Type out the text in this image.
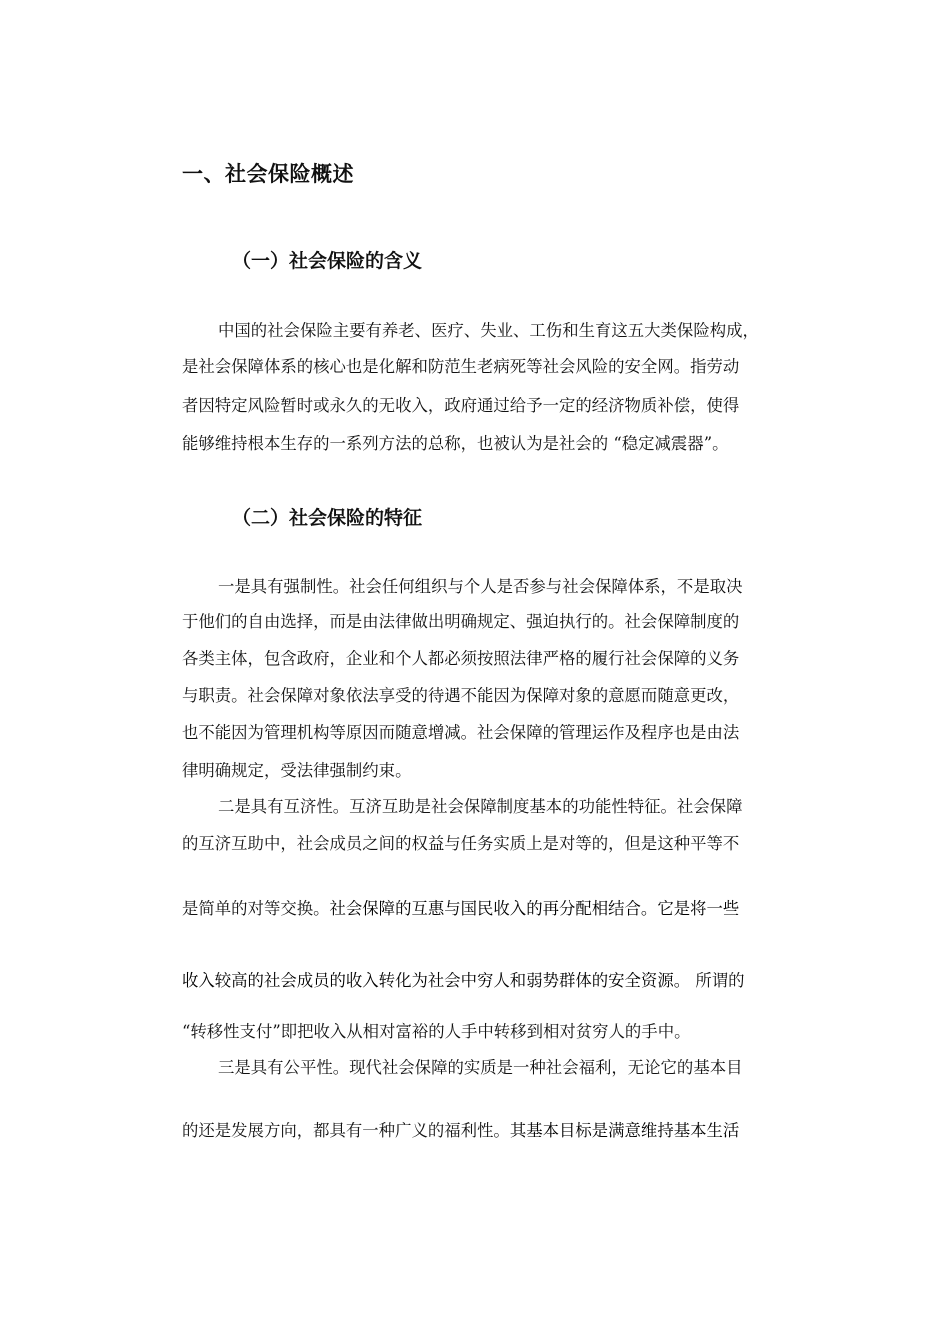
一、社会保险概述
（一）社会保险的含义
中国的社会保险主要有养老、医疗、失业、工伤和生育这五大类保险构成，
是社会保障体系的核心也是化解和防范生老病死等社会风险的安全网。指劳动
者因特定风险暂时或永久的无收入，政府通过给予一定的经济物质补偿，使得
能够维持根本生存的一系列方法的总称，也被认为是社会的 “稳定减震器”。
（二）社会保险的特征
一是具有强制性。社会任何组织与个人是否参与社会保障体系，不是取决
于他们的自由选择，而是由法律做出明确规定、强迫执行的。社会保障制度的
各类主体，包含政府，企业和个人都必须按照法律严格的履行社会保障的义务
与职责。社会保障对象依法享受的待遇不能因为保障对象的意愿而随意更改，
也不能因为管理机构等原因而随意增减。社会保障的管理运作及程序也是由法
律明确规定，受法律强制约束。
二是具有互济性。互济互助是社会保障制度基本的功能性特征。社会保障
的互济互助中，社会成员之间的权益与任务实质上是对等的，但是这种平等不
是简单的对等交换。社会保障的互惠与国民收入的再分配相结合。它是将一些
收入较高的社会成员的收入转化为社会中穷人和弱势群体的安全资源。 所谓的
“转移性支付”即把收入从相对富裕的人手中转移到相对贫穷人的手中。
三是具有公平性。现代社会保障的实质是一种社会福利，无论它的基本目
的还是发展方向，都具有一种广义的福利性。其基本目标是满意维持基本生活
